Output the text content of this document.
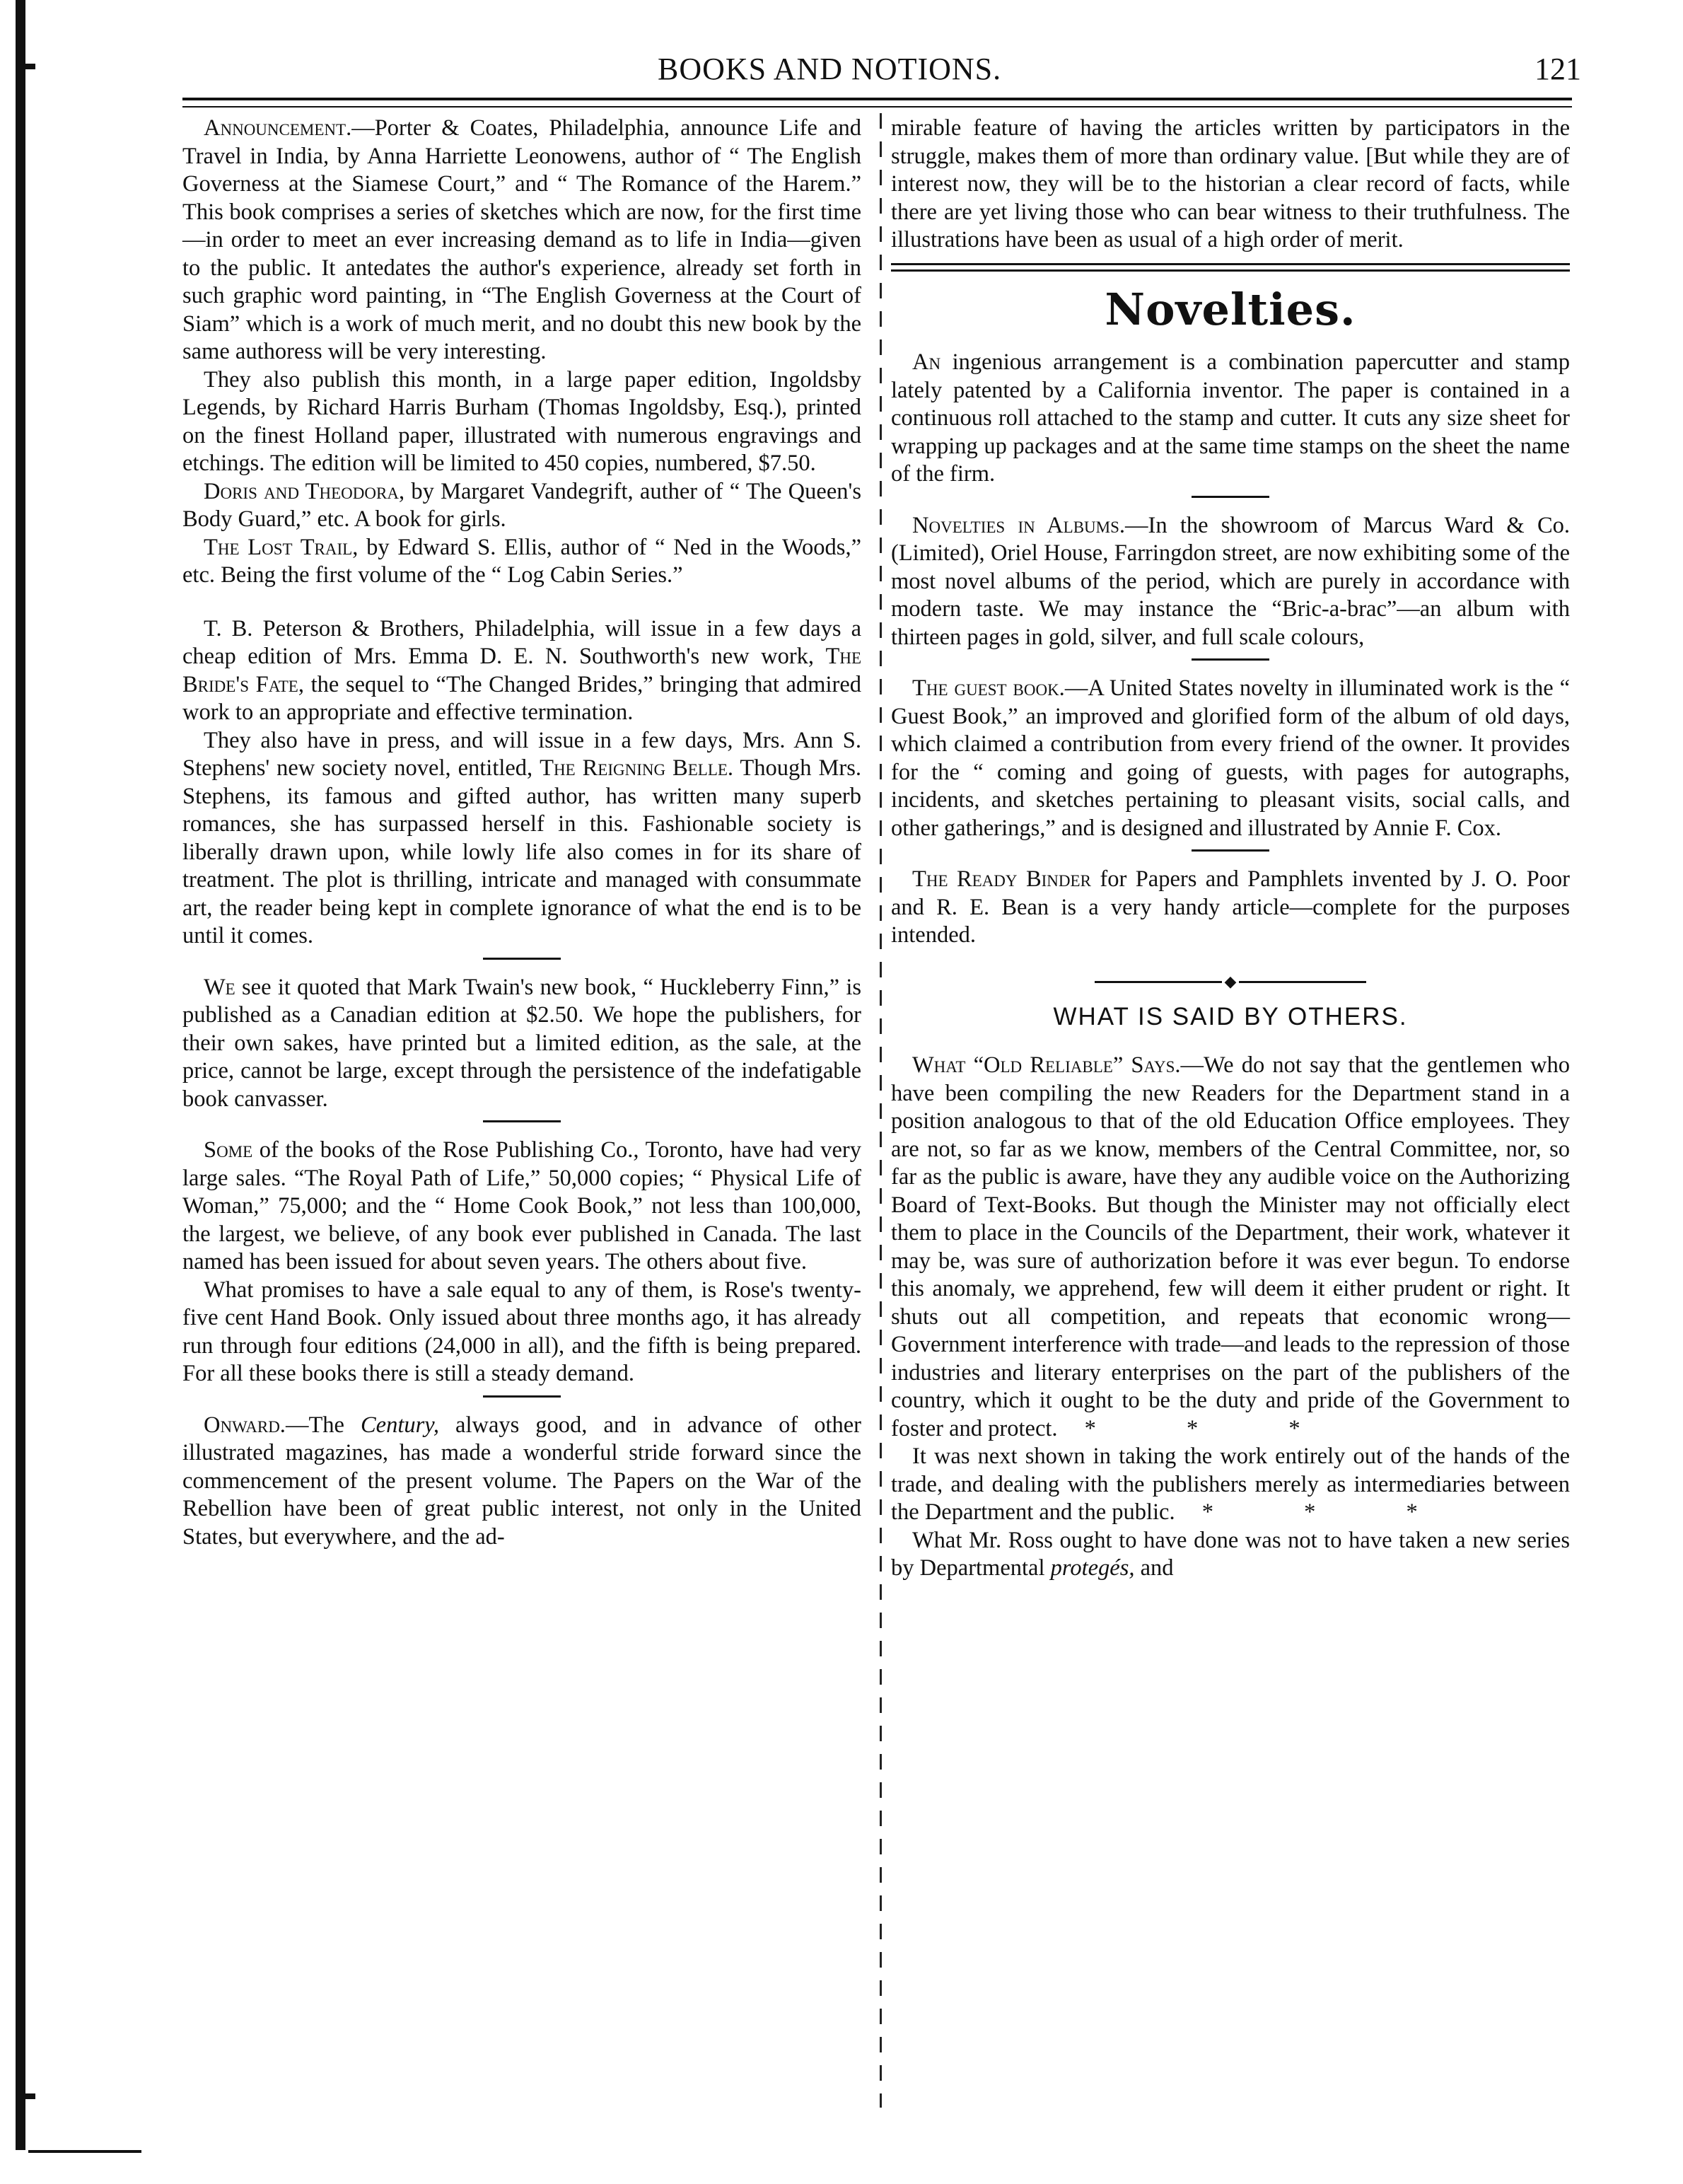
BOOKS AND NOTIONS.	121

Announcement.—Porter & Coates, Philadelphia, announce Life and Travel in India, by Anna Harriette Leonowens, author of “ The English Governess at the Siamese Court,” and “ The Romance of the Harem.” This book comprises a series of sketches which are now, for the first time—in order to meet an ever increasing demand as to life in India—given to the public. It antedates the author's experience, already set forth in such graphic word painting, in “The English Governess at the Court of Siam” which is a work of much merit, and no doubt this new book by the same authoress will be very interesting.

They also publish this month, in a large paper edition, Ingoldsby Legends, by Richard Harris Burham (Thomas Ingoldsby, Esq.), printed on the finest Holland paper, illustrated with numerous engravings and etchings. The edition will be limited to 450 copies, numbered, $7.50.

Doris and Theodora, by Margaret Vandegrift, auther of “ The Queen's Body Guard,” etc. A book for girls.

The Lost Trail, by Edward S. Ellis, author of “ Ned in the Woods,” etc. Being the first volume of the “ Log Cabin Series.”

T. B. Peterson & Brothers, Philadelphia, will issue in a few days a cheap edition of Mrs. Emma D. E. N. Southworth's new work, The Bride's Fate, the sequel to “The Changed Brides,” bringing that admired work to an appropriate and effective termination.

They also have in press, and will issue in a few days, Mrs. Ann S. Stephens' new society novel, entitled, The Reigning Belle. Though Mrs. Stephens, its famous and gifted author, has written many superb romances, she has surpassed herself in this. Fashionable society is liberally drawn upon, while lowly life also comes in for its share of treatment. The plot is thrilling, intricate and managed with consummate art, the reader being kept in complete ignorance of what the end is to be until it comes.

We see it quoted that Mark Twain's new book, “ Huckleberry Finn,” is published as a Canadian edition at $2.50. We hope the publishers, for their own sakes, have printed but a limited edition, as the sale, at the price, cannot be large, except through the persistence of the indefatigable book canvasser.

Some of the books of the Rose Publishing Co., Toronto, have had very large sales. “The Royal Path of Life,” 50,000 copies; “ Physical Life of Woman,” 75,000; and the “ Home Cook Book,” not less than 100,000, the largest, we believe, of any book ever published in Canada. The last named has been issued for about seven years. The others about five.

What promises to have a sale equal to any of them, is Rose's twenty-five cent Hand Book. Only issued about three months ago, it has already run through four editions (24,000 in all), and the fifth is being prepared. For all these books there is still a steady demand.

Onward.—The Century, always good, and in advance of other illustrated magazines, has made a wonderful stride forward since the commencement of the present volume. The Papers on the War of the Rebellion have been of great public interest, not only in the United States, but everywhere, and the ad-

mirable feature of having the articles written by participators in the struggle, makes them of more than ordinary value. [But while they are of interest now, they will be to the historian a clear record of facts, while there are yet living those who can bear witness to their truthfulness. The illustrations have been as usual of a high order of merit.

Novelties.

An ingenious arrangement is a combination papercutter and stamp lately patented by a California inventor. The paper is contained in a continuous roll attached to the stamp and cutter. It cuts any size sheet for wrapping up packages and at the same time stamps on the sheet the name of the firm.

Novelties in Albums.—In the showroom of Marcus Ward & Co. (Limited), Oriel House, Farringdon street, are now exhibiting some of the most novel albums of the period, which are purely in accordance with modern taste. We may instance the “Bric-a-brac”—an album with thirteen pages in gold, silver, and full scale colours,

The guest book.—A United States novelty in illuminated work is the “ Guest Book,” an improved and glorified form of the album of old days, which claimed a contribution from every friend of the owner. It provides for the “ coming and going of guests, with pages for autographs, incidents, and sketches pertaining to pleasant visits, social calls, and other gatherings,” and is designed and illustrated by Annie F. Cox.

The Ready Binder for Papers and Pamphlets invented by J. O. Poor and R. E. Bean is a very handy article—complete for the purposes intended.

◆
WHAT IS SAID BY OTHERS.

What “Old Reliable” Says.—We do not say that the gentlemen who have been compiling the new Readers for the Department stand in a position analogous to that of the old Education Office employees. They are not, so far as we know, members of the Central Committee, nor, so far as the public is aware, have they any audible voice on the Authorizing Board of Text-Books. But though the Minister may not officially elect them to place in the Councils of the Department, their work, whatever it may be, was sure of authorization before it was ever begun. To endorse this anomaly, we apprehend, few will deem it either prudent or right. It shuts out all competition, and repeats that economic wrong—Government interference with trade—and leads to the repression of those industries and literary enterprises on the part of the publishers of the country, which it ought to be the duty and pride of the Government to foster and protect. * * *

It was next shown in taking the work entirely out of the hands of the trade, and dealing with the publishers merely as intermediaries between the Department and the public. * * *

What Mr. Ross ought to have done was not to have taken a new series by Departmental protegés, and
